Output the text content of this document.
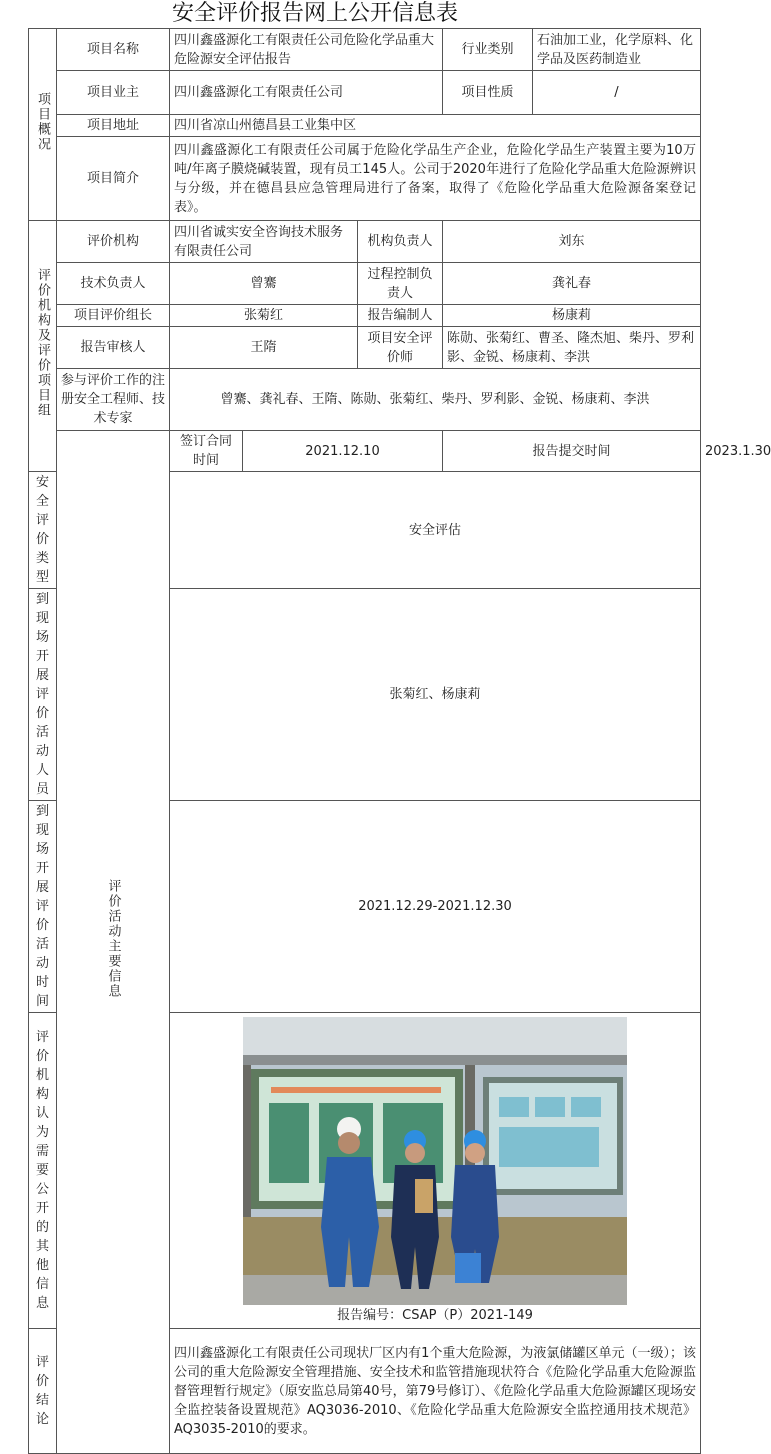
安全评价报告网上公开信息表
项目概况	项目名称	四川鑫盛源化工有限责任公司危险化学品重大危险源安全评估报告			行业类别	石油加工业，化学原料、化学品及医药制造业	
	项目业主	四川鑫盛源化工有限责任公司			项目性质	/	
	项目地址	四川省凉山州德昌县工业集中区					
	项目简介	四川鑫盛源化工有限责任公司属于危险化学品生产企业，危险化学品生产装置主要为10万吨/年离子膜烧碱装置，现有员工145人。公司于2020年进行了危险化学品重大危险源辨识与分级，并在德昌县应急管理局进行了备案，取得了《危险化学品重大危险源备案登记表》。					
评价机构及评价项目组	评价机构	四川省诚实安全咨询技术服务有限责任公司		机构负责人	刘东		
	技术负责人	曾騫		过程控制负责人	龚礼春		
	项目评价组长	张菊红		报告编制人	杨康莉		
	报告审核人	王隋		项目安全评价师	陈勋、张菊红、曹圣、隆杰旭、柴丹、罗利影、金锐、杨康莉、李洪		
	参与评价工作的注册安全工程师、技术专家	曾騫、龚礼春、王隋、陈勋、张菊红、柴丹、罗利影、金锐、杨康莉、李洪					
	评价活动主要信息	签订合同时间	2021.12.10		报告提交时间		2023.1.30
安全评价类型		安全评估					
到现场开展评价活动人员		张菊红、杨康莉					
到现场开展评价活动时间		2021.12.29-2021.12.30					
评价机构认为需要公开的其他信息		报告编号：CSAP（P）2021-149					

评价结论		四川鑫盛源化工有限责任公司现状厂区内有1个重大危险源，为液氯储罐区单元（一级）；该公司的重大危险源安全管理措施、安全技术和监管措施现状符合《危险化学品重大危险源监督管理暂行规定》（原安监总局第40号，第79号修订）、《危险化学品重大危险源罐区现场安全监控装备设置规范》AQ3036-2010、《危险化学品重大危险源安全监控通用技术规范》AQ3035-2010的要求。					
